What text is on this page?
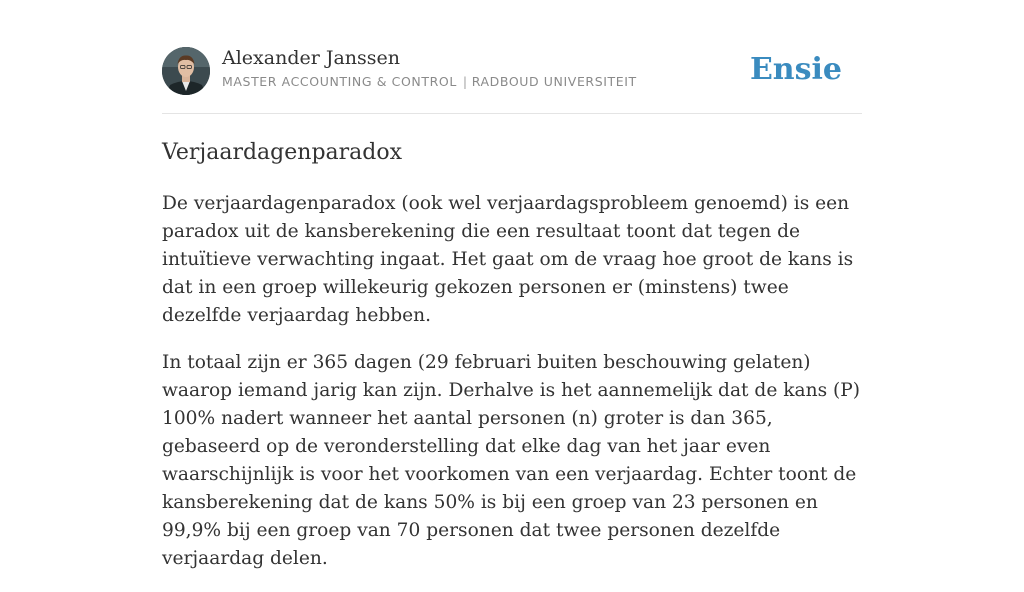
Alexander Janssen
MASTER ACCOUNTING & CONTROL | RADBOUD UNIVERSITEIT	Ensie
Verjaardagenparadox

De verjaardagenparadox (ook wel verjaardagsprobleem genoemd) is een paradox uit de kansberekening die een resultaat toont dat tegen de intuïtieve verwachting ingaat. Het gaat om de vraag hoe groot de kans is dat in een groep willekeurig gekozen personen er (minstens) twee dezelfde verjaardag hebben.

In totaal zijn er 365 dagen (29 februari buiten beschouwing gelaten) waarop iemand jarig kan zijn. Derhalve is het aannemelijk dat de kans (P) 100% nadert wanneer het aantal personen (n) groter is dan 365, gebaseerd op de veronderstelling dat elke dag van het jaar even waarschijnlijk is voor het voorkomen van een verjaardag. Echter toont de kansberekening dat de kans 50% is bij een groep van 23 personen en 99,9% bij een groep van 70 personen dat twee personen dezelfde verjaardag delen.
